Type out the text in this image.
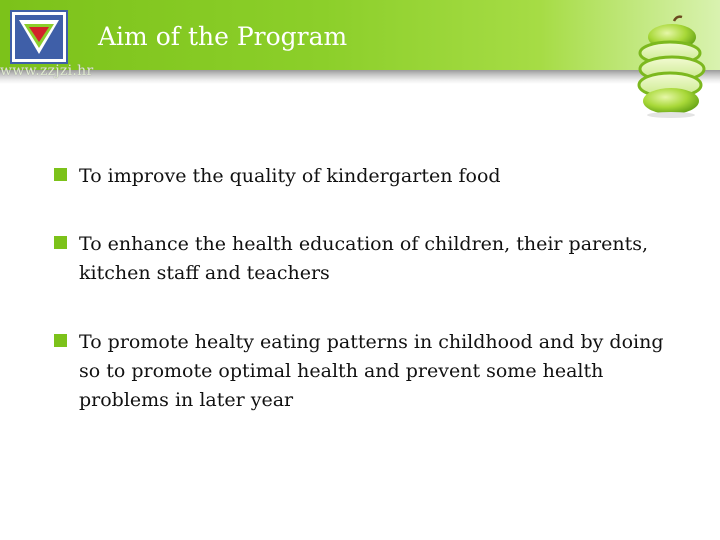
Aim of the Program
www.zzjzi.hr
To improve the quality of kindergarten food
To enhance the health education of children, their parents, kitchen staff and teachers
To promote healty eating patterns in childhood and by doing so to promote optimal health and prevent some health problems in later year
